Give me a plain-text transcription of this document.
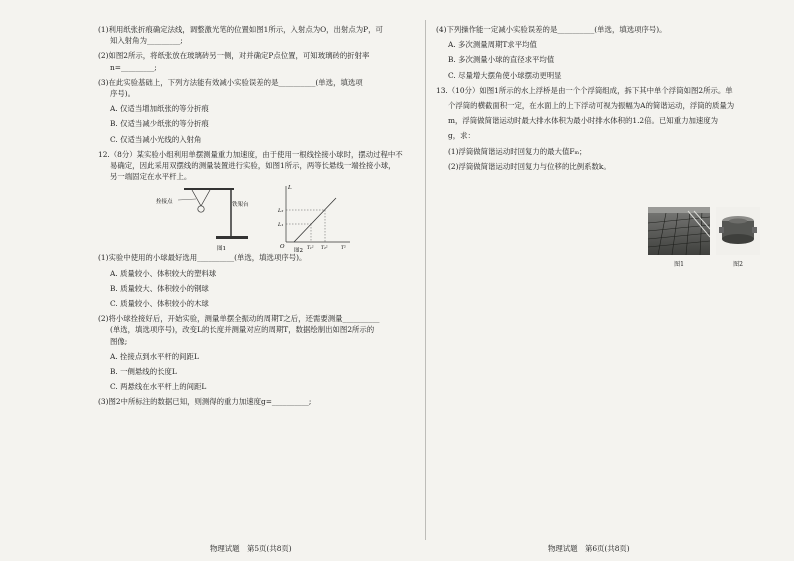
(1)利用纸张折痕确定法线，调整激光笔的位置如图1所示，入射点为O，出射点为P，可
知入射角为_________;
(2)如图2所示，将纸张放在玻璃砖另一侧，对并确定P点位置，可知玻璃砖的折射率
n=_________;
(3)在此实验基础上，下列方法能有效减小实验误差的是__________(单选，填选项
序号)。
A. 仅适当增加纸张的等分折痕
B. 仅适当减少纸张的等分折痕
C. 仅适当减小光线的入射角
12.（8分）某实验小组利用单摆测量重力加速度，由于使用一根线拴接小球时，摆动过程中不
易确定，因此采用双摆线的测量装置进行实验，如图1所示，两等长悬线一端拴接小球，
另一端固定在水平杆上。
拴接点	铁架台
图1
L
O
L₂
L₁
T₁² T₂²	T²
图2
(1)实验中使用的小球最好选用__________(单选，填选项序号)。
A. 质量较小、体积较大的塑料球
B. 质量较大、体积较小的钢球
C. 质量较小、体积较小的木球
(2)将小球拴接好后，开始实验，测量单摆全振动的周期T之后，还需要测量__________
(单选，填选项序号)，改变L的长度并测量对应的周期T，数据绘制出如图2所示的
图像;
A. 拴接点到水平杆的间距L
B. 一侧悬线的长度L
C. 两悬线在水平杆上的间距L
(3)图2中所标注的数据已知，则测得的重力加速度g=__________;
(4)下列操作能一定减小实验误差的是__________(单选，填选项序号)。
A. 多次测量周期T求平均值
B. 多次测量小球的直径求平均值
C. 尽量增大摆角使小球摆动更明显
13.（10分）如图1所示的水上浮桥是由一个个浮筒组成，拆下其中单个浮筒如图2所示。单
个浮筒的横截面积一定，在水面上的上下浮动可视为振幅为A的简谐运动，浮筒的质量为
m，浮筒做简谐运动时最大排水体积为最小时排水体积的1.2倍。已知重力加速度为
g，求：
(1)浮筒做简谐运动时回复力的最大值Fₘ；
(2)浮筒做简谐运动时回复力与位移的比例系数k。
图1	图2
物理试题　第5页(共8页)	物理试题　第6页(共8页)
